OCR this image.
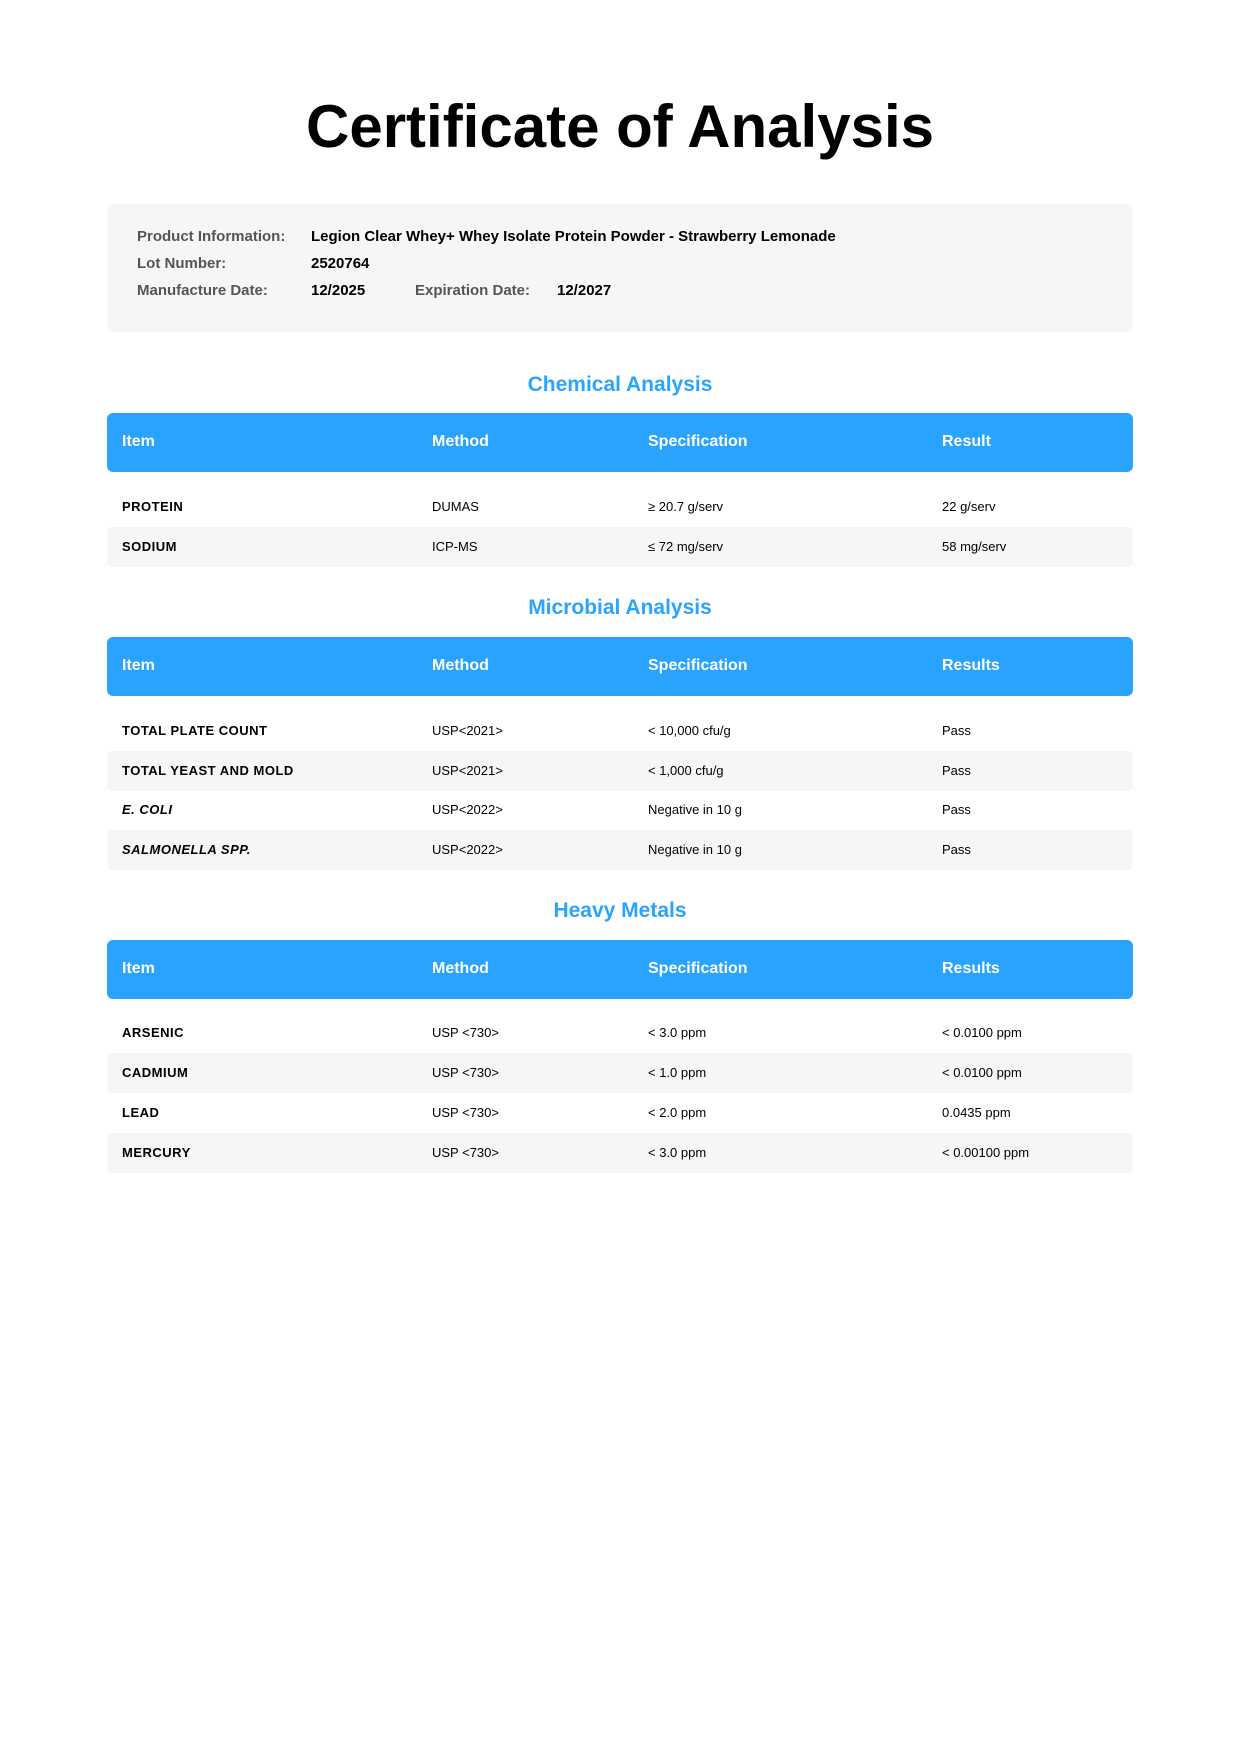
Certificate of Analysis
Product Information: Legion Clear Whey+ Whey Isolate Protein Powder - Strawberry Lemonade
Lot Number:	2520764
Manufacture Date:	12/2025	Expiration Date: 12/2027
Chemical Analysis
Item	Method	Specification	Result
PROTEIN	DUMAS	≥ 20.7 g/serv	22 g/serv
SODIUM	ICP-MS	≤ 72 mg/serv	58 mg/serv
Microbial Analysis
Item	Method	Specification	Results
TOTAL PLATE COUNT	USP<2021>	< 10,000 cfu/g	Pass
TOTAL YEAST AND MOLD	USP<2021>	< 1,000 cfu/g	Pass
E. COLI	USP<2022>	Negative in 10 g	Pass
SALMONELLA SPP.	USP<2022>	Negative in 10 g	Pass
Heavy Metals
Item	Method	Specification	Results
ARSENIC	USP <730>	< 3.0 ppm	< 0.0100 ppm
CADMIUM	USP <730>	< 1.0 ppm	< 0.0100 ppm
LEAD	USP <730>	< 2.0 ppm	0.0435 ppm
MERCURY	USP <730>	< 3.0 ppm	< 0.00100 ppm
